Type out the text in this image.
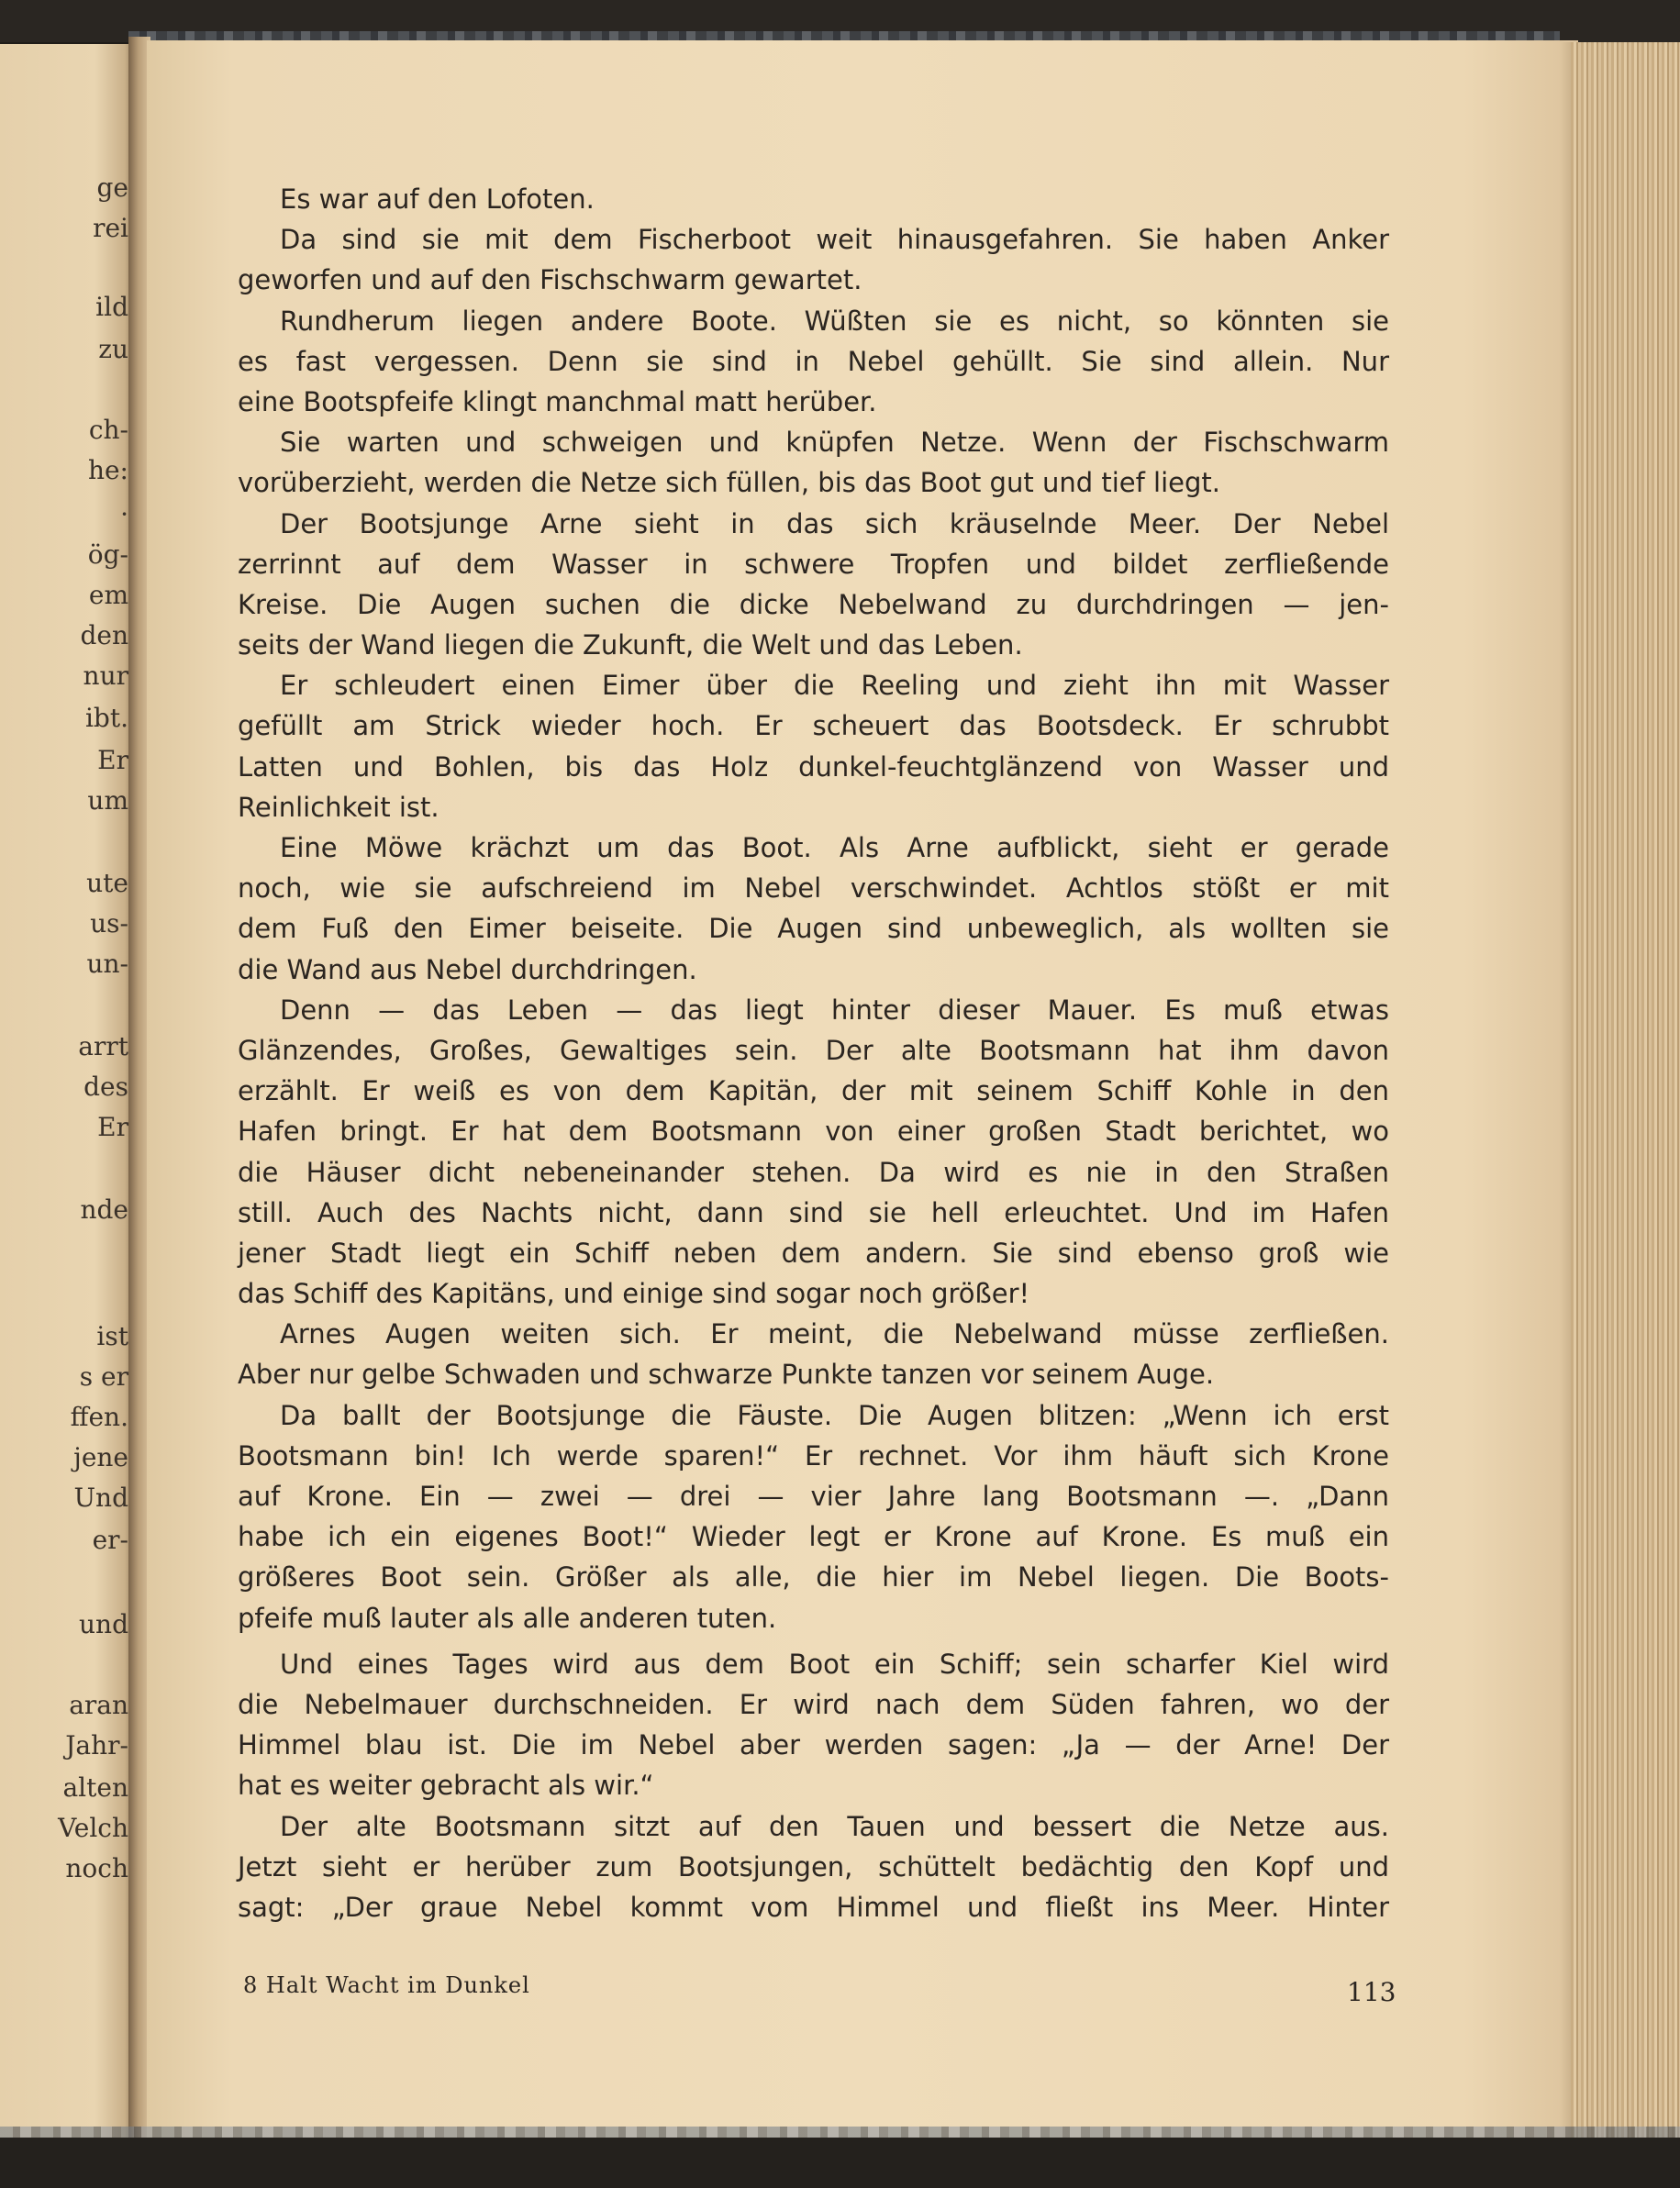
ge
rei
ild
zu
ch-
he:
·
ög-
em
den
nur
ibt.
Er
um
ute
us-
un-
arrt
des
Er
nde
ist
s er
ffen.
jene
Und
er-
und
aran
Jahr-
alten
Velch
noch
Es war auf den Lofoten.
Da sind sie mit dem Fischerboot weit hinausgefahren. Sie haben Anker
geworfen und auf den Fischschwarm gewartet.
Rundherum liegen andere Boote. Wüßten sie es nicht, so könnten sie
es fast vergessen. Denn sie sind in Nebel gehüllt. Sie sind allein. Nur
eine Bootspfeife klingt manchmal matt herüber.
Sie warten und schweigen und knüpfen Netze. Wenn der Fischschwarm
vorüberzieht, werden die Netze sich füllen, bis das Boot gut und tief liegt.
Der Bootsjunge Arne sieht in das sich kräuselnde Meer. Der Nebel
zerrinnt auf dem Wasser in schwere Tropfen und bildet zerfließende
Kreise. Die Augen suchen die dicke Nebelwand zu durchdringen — jen-
seits der Wand liegen die Zukunft, die Welt und das Leben.
Er schleudert einen Eimer über die Reeling und zieht ihn mit Wasser
gefüllt am Strick wieder hoch. Er scheuert das Bootsdeck. Er schrubbt
Latten und Bohlen, bis das Holz dunkel-feuchtglänzend von Wasser und
Reinlichkeit ist.
Eine Möwe krächzt um das Boot. Als Arne aufblickt, sieht er gerade
noch, wie sie aufschreiend im Nebel verschwindet. Achtlos stößt er mit
dem Fuß den Eimer beiseite. Die Augen sind unbeweglich, als wollten sie
die Wand aus Nebel durchdringen.
Denn — das Leben — das liegt hinter dieser Mauer. Es muß etwas
Glänzendes, Großes, Gewaltiges sein. Der alte Bootsmann hat ihm davon
erzählt. Er weiß es von dem Kapitän, der mit seinem Schiff Kohle in den
Hafen bringt. Er hat dem Bootsmann von einer großen Stadt berichtet, wo
die Häuser dicht nebeneinander stehen. Da wird es nie in den Straßen
still. Auch des Nachts nicht, dann sind sie hell erleuchtet. Und im Hafen
jener Stadt liegt ein Schiff neben dem andern. Sie sind ebenso groß wie
das Schiff des Kapitäns, und einige sind sogar noch größer!
Arnes Augen weiten sich. Er meint, die Nebelwand müsse zerfließen.
Aber nur gelbe Schwaden und schwarze Punkte tanzen vor seinem Auge.
Da ballt der Bootsjunge die Fäuste. Die Augen blitzen: „Wenn ich erst
Bootsmann bin! Ich werde sparen!“ Er rechnet. Vor ihm häuft sich Krone
auf Krone. Ein — zwei — drei — vier Jahre lang Bootsmann —. „Dann
habe ich ein eigenes Boot!“ Wieder legt er Krone auf Krone. Es muß ein
größeres Boot sein. Größer als alle, die hier im Nebel liegen. Die Boots-
pfeife muß lauter als alle anderen tuten.
Und eines Tages wird aus dem Boot ein Schiff; sein scharfer Kiel wird
die Nebelmauer durchschneiden. Er wird nach dem Süden fahren, wo der
Himmel blau ist. Die im Nebel aber werden sagen: „Ja — der Arne! Der
hat es weiter gebracht als wir.“
Der alte Bootsmann sitzt auf den Tauen und bessert die Netze aus.
Jetzt sieht er herüber zum Bootsjungen, schüttelt bedächtig den Kopf und
sagt: „Der graue Nebel kommt vom Himmel und fließt ins Meer. Hinter
8 Halt Wacht im Dunkel	113
